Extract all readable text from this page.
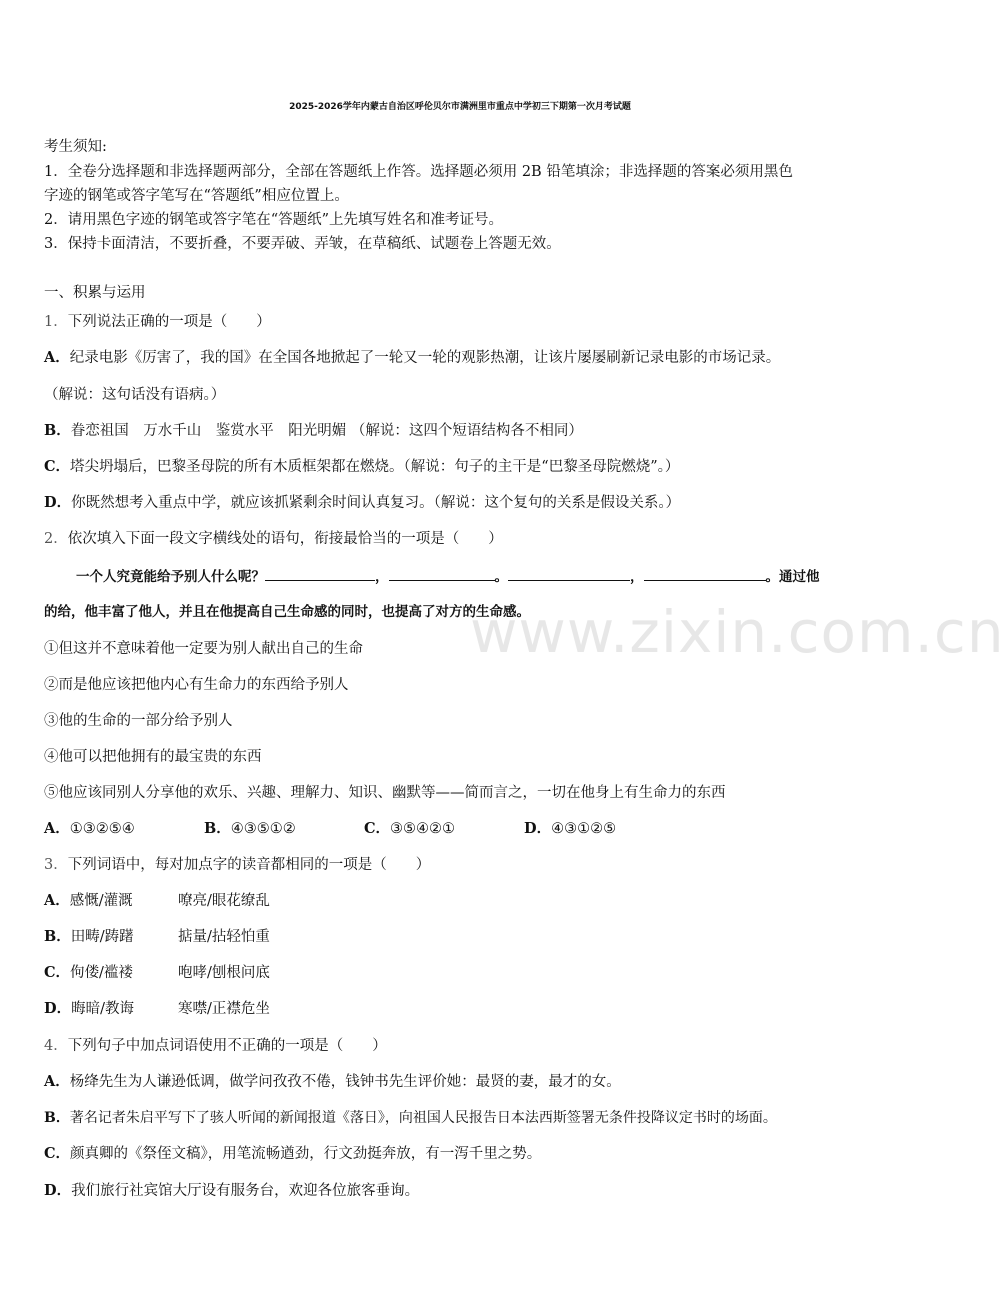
2025-2026学年内蒙古自治区呼伦贝尔市满洲里市重点中学初三下期第一次月考试题
考生须知:
1．全卷分选择题和非选择题两部分，全部在答题纸上作答。选择题必须用 2B 铅笔填涂；非选择题的答案必须用黑色
字迹的钢笔或答字笔写在“答题纸”相应位置上。
2．请用黑色字迹的钢笔或答字笔在“答题纸”上先填写姓名和准考证号。
3．保持卡面清洁，不要折叠，不要弄破、弄皱，在草稿纸、试题卷上答题无效。
一、积累与运用
1．下列说法正确的一项是（　　）
A．纪录电影《厉害了，我的国》在全国各地掀起了一轮又一轮的观影热潮，让该片屡屡刷新记录电影的市场记录。
（解说：这句话没有语病。）
B．眷恋祖国　万水千山　鉴赏水平　阳光明媚 （解说：这四个短语结构各不相同）
C．塔尖坍塌后，巴黎圣母院的所有木质框架都在燃烧。（解说：句子的主干是“巴黎圣母院燃烧”。）
D．你既然想考入重点中学，就应该抓紧剩余时间认真复习。（解说：这个复句的关系是假设关系。）
2．依次填入下面一段文字横线处的语句，衔接最恰当的一项是（　　）
一个人究竟能给予别人什么呢？	，	。	，	。通过他
的给，他丰富了他人，并且在他提高自己生命感的同时，也提高了对方的生命感。
①但这并不意味着他一定要为别人献出自己的生命
②而是他应该把他内心有生命力的东西给予别人
③他的生命的一部分给予别人
④他可以把他拥有的最宝贵的东西
⑤他应该同别人分享他的欢乐、兴趣、理解力、知识、幽默等——简而言之，一切在他身上有生命力的东西
A．①③②⑤④	B．④③⑤①②	C．③⑤④②①	D．④③①②⑤
3．下列词语中，每对加点字的读音都相同的一项是（　　）
A．感慨/灌溉	嘹亮/眼花缭乱
B．田畴/踌躇	掂量/拈轻怕重
C．佝偻/褴褛	咆哮/刨根问底
D．晦暗/教诲	寒噤/正襟危坐
4．下列句子中加点词语使用不正确的一项是（　　）
A．杨绛先生为人谦逊低调，做学问孜孜不倦，钱钟书先生评价她：最贤的妻，最才的女。
B．著名记者朱启平写下了骇人听闻的新闻报道《落日》，向祖国人民报告日本法西斯签署无条件投降议定书时的场面。
C．颜真卿的《祭侄文稿》，用笔流畅遒劲，行文劲挺奔放，有一泻千里之势。
D．我们旅行社宾馆大厅设有服务台，欢迎各位旅客垂询。
www.zixin.com.cn
